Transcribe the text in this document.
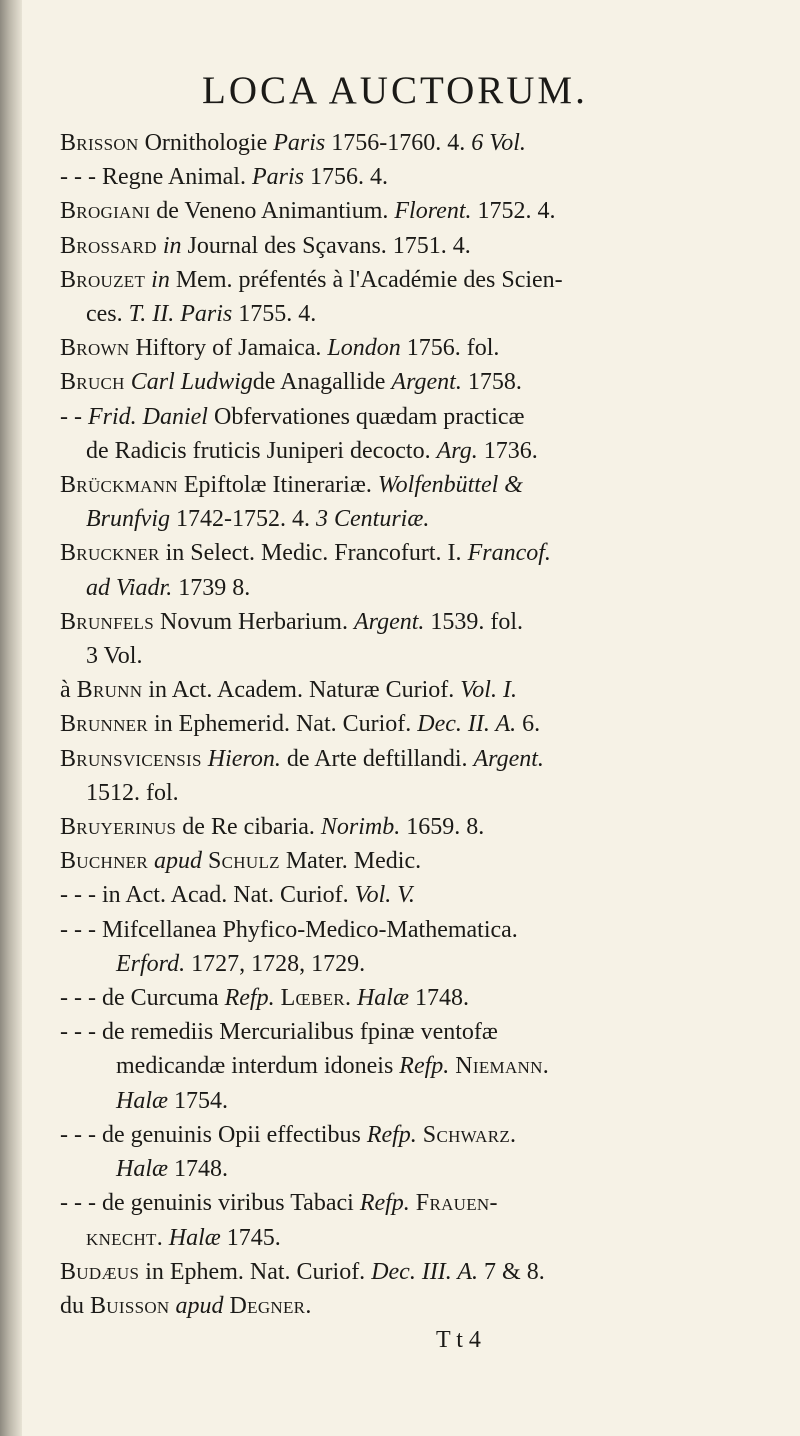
LOCA AUCTORUM.
Brisson Ornithologie Paris 1756-1760. 4. 6 Vol.
- - - Regne Animal. Paris 1756. 4.
Brogiani de Veneno Animantium. Florent. 1752. 4.
Brossard in Journal des Sçavans. 1751. 4.
Brouzet in Mem. préfentés à l'Académie des Scien-
ces. T. II. Paris 1755. 4.
Brown Hiftory of Jamaica. London 1756. fol.
Bruch Carl Ludwigde Anagallide Argent. 1758.
- - Frid. Daniel Obfervationes quædam practicæ
de Radicis fruticis Juniperi decocto. Arg. 1736.
Brückmann Epiftolæ Itinerariæ. Wolfenbüttel &
Brunfvig 1742-1752. 4. 3 Centuriæ.
Bruckner in Select. Medic. Francofurt. I. Francof.
ad Viadr. 1739 8.
Brunfels Novum Herbarium. Argent. 1539. fol.
3 Vol.
à Brunn in Act. Academ. Naturæ Curiof. Vol. I.
Brunner in Ephemerid. Nat. Curiof. Dec. II. A. 6.
Brunsvicensis Hieron. de Arte deftillandi. Argent.
1512. fol.
Bruyerinus de Re cibaria. Norimb. 1659. 8.
Buchner apud Schulz Mater. Medic.
- - - in Act. Acad. Nat. Curiof. Vol. V.
- - - Mifcellanea Phyfico-Medico-Mathematica.
Erford. 1727, 1728, 1729.
- - - de Curcuma Refp. Lœber. Halæ 1748.
- - - de remediis Mercurialibus fpinæ ventofæ
medicandæ interdum idoneis Refp. Niemann.
Halæ 1754.
- - - de genuinis Opii effectibus Refp. Schwarz.
Halæ 1748.
- - - de genuinis viribus Tabaci Refp. Frauen-
knecht. Halæ 1745.
Budæus in Ephem. Nat. Curiof. Dec. III. A. 7 & 8.
du Buisson apud Degner.
T t 4
